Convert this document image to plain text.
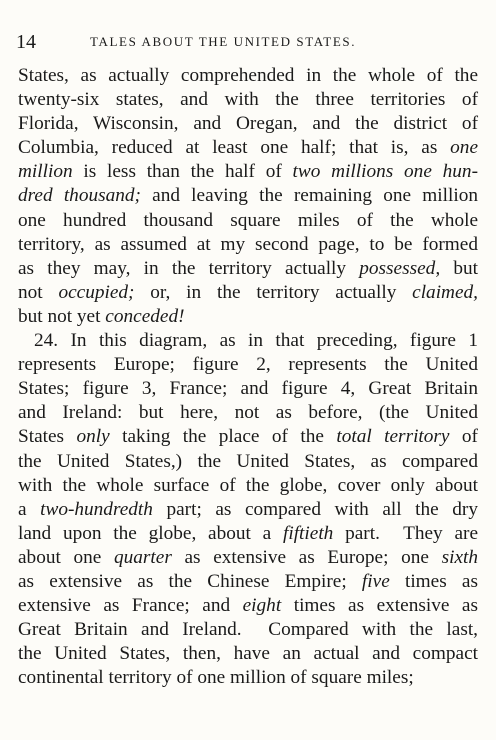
14	TALES ABOUT THE UNITED STATES.
States, as actually comprehended in the whole of the
twenty-six states, and with the three territories of
Florida, Wisconsin, and Oregan, and the district of
Columbia, reduced at least one half; that is, as one
million is less than the half of two millions one hun-
dred thousand; and leaving the remaining one million
one hundred thousand square miles of the whole
territory, as assumed at my second page, to be formed
as they may, in the territory actually possessed, but
not occupied; or, in the territory actually claimed,
but not yet conceded!
24. In this diagram, as in that preceding, figure 1
represents Europe; figure 2, represents the United
States; figure 3, France; and figure 4, Great Britain
and Ireland: but here, not as before, (the United
States only taking the place of the total territory of
the United States,) the United States, as compared
with the whole surface of the globe, cover only about
a two-hundredth part; as compared with all the dry
land upon the globe, about a fiftieth part.  They are
about one quarter as extensive as Europe; one sixth
as extensive as the Chinese Empire; five times as
extensive as France; and eight times as extensive as
Great Britain and Ireland.  Compared with the last,
the United States, then, have an actual and compact
continental territory of one million of square miles;
